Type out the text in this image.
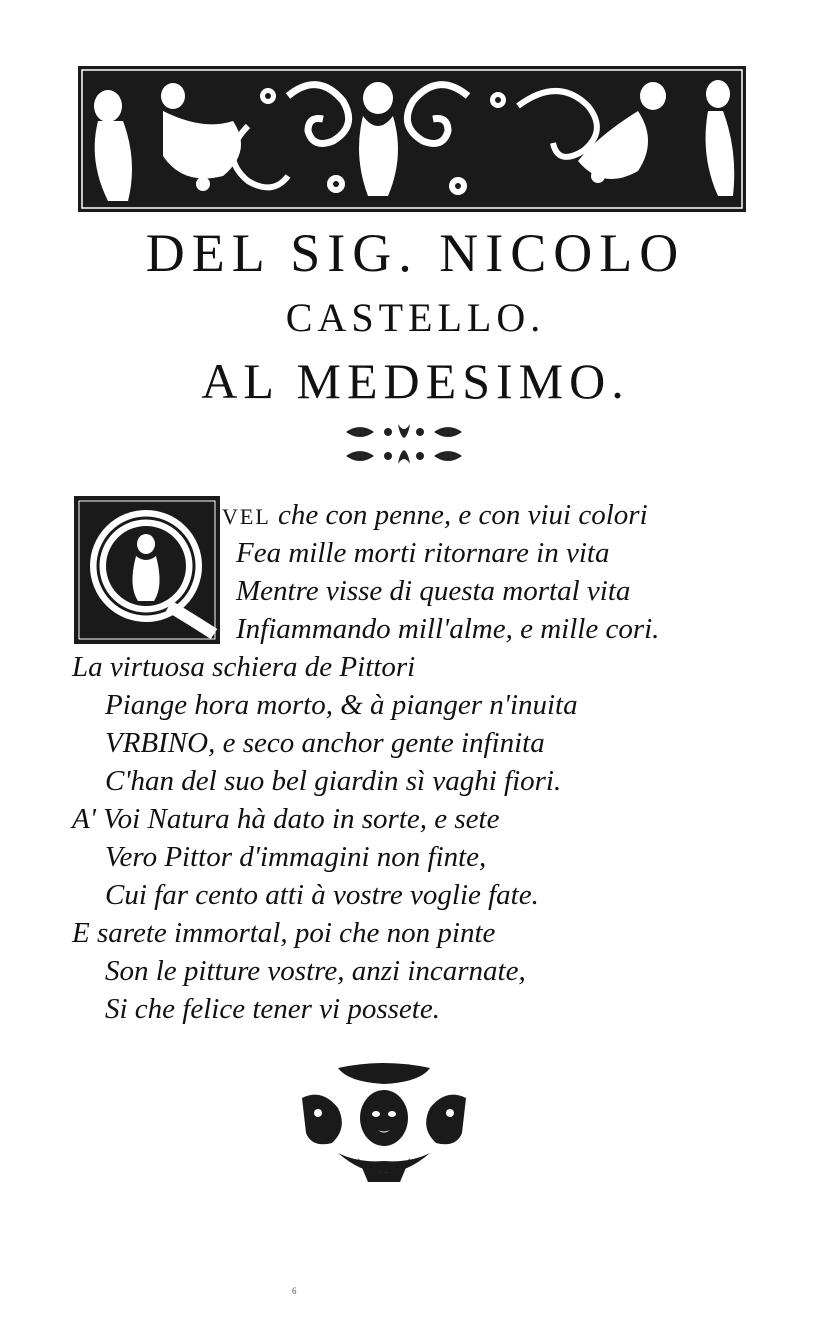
DEL SIG. NICOLO
CASTELLO.
AL MEDESIMO.
VEL che con penne, e con viui colori
Fea mille morti ritornare in vita
Mentre visse di questa mortal vita
Infiammando mill'alme, e mille cori.
La virtuosa schiera de Pittori
Piange hora morto, & à pianger n'inuita
VRBINO, e seco anchor gente infinita
C'han del suo bel giardin sì vaghi fiori.
A' Voi Natura hà dato in sorte, e sete
Vero Pittor d'immagini non finte,
Cui far cento atti à vostre voglie fate.
E sarete immortal, poi che non pinte
Son le pitture vostre, anzi incarnate,
Si che felice tener vi possete.
6
